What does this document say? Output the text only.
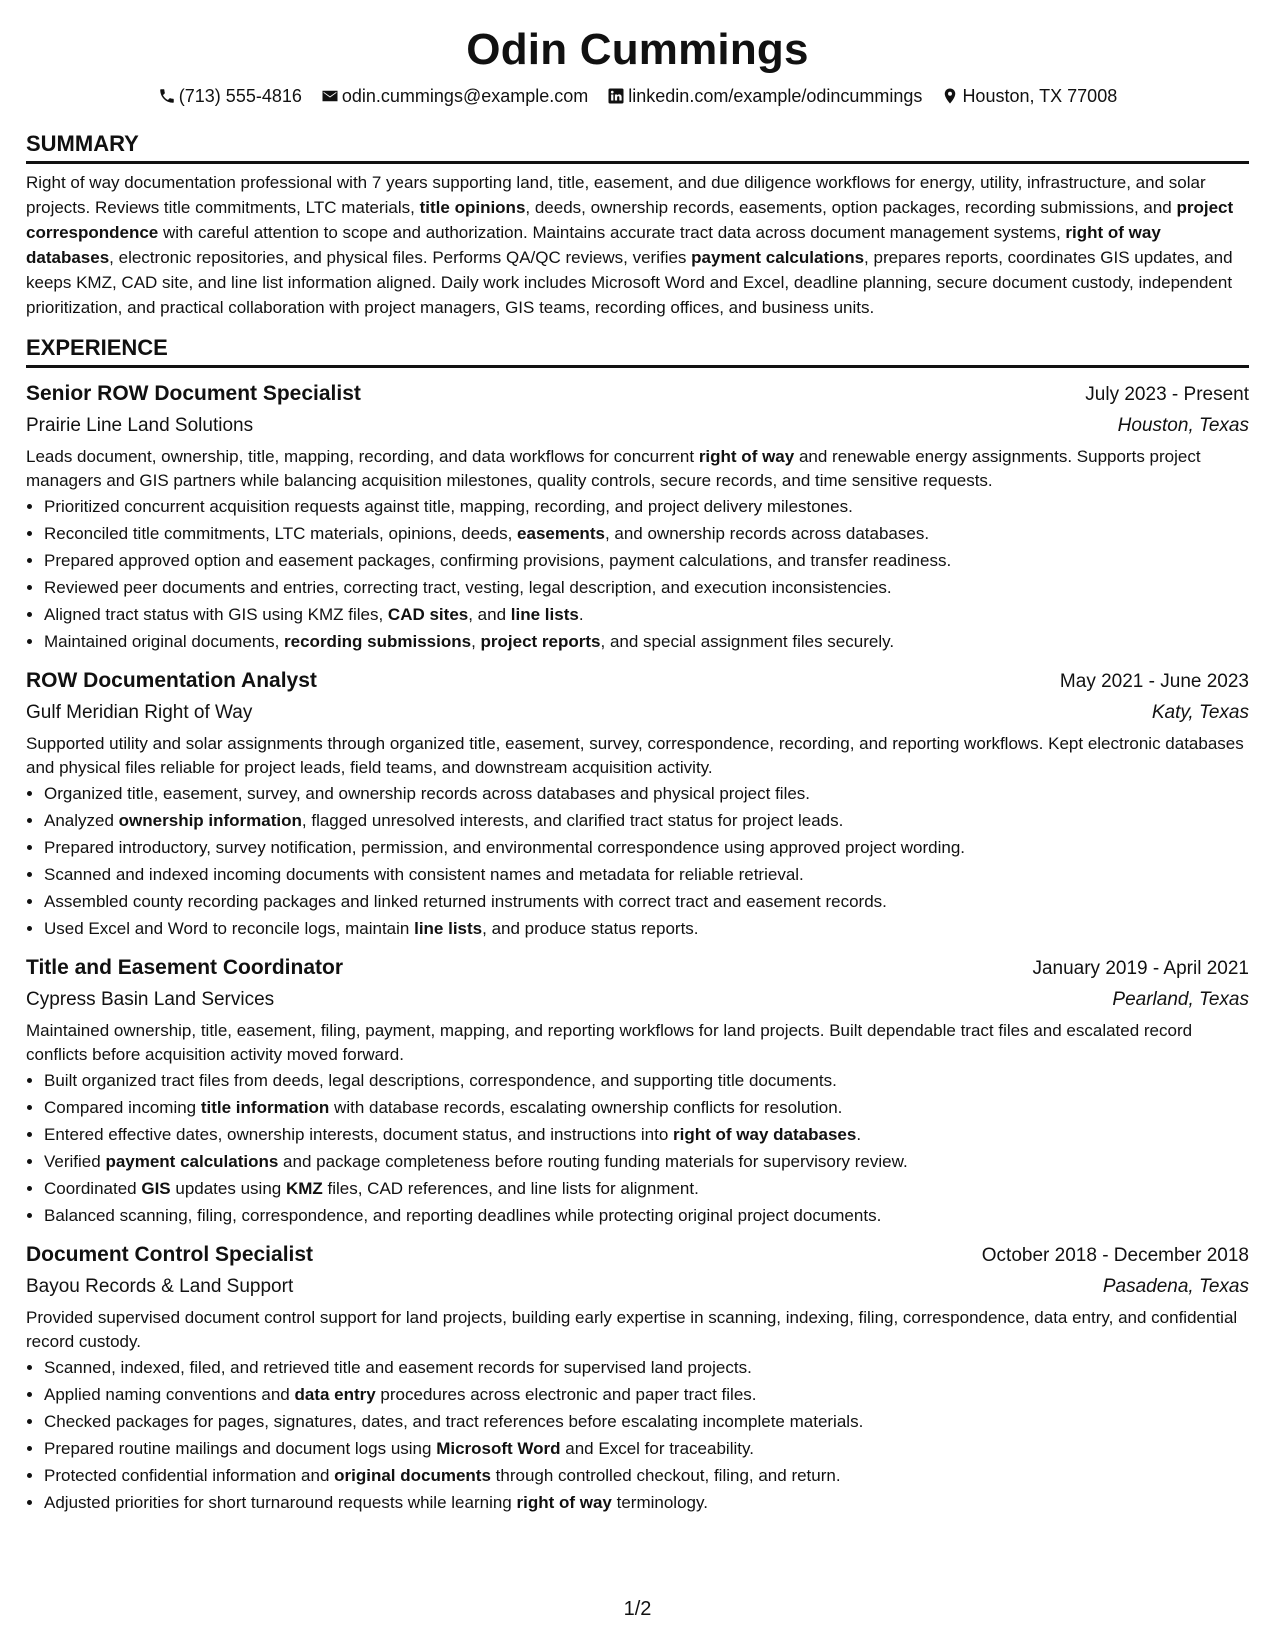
Odin Cummings
(713) 555-4816 odin.cummings@example.com linkedin.com/example/odincummings Houston, TX 77008
SUMMARY
Right of way documentation professional with 7 years supporting land, title, easement, and due diligence workflows for energy, utility, infrastructure, and solar projects. Reviews title commitments, LTC materials, title opinions, deeds, ownership records, easements, option packages, recording submissions, and project correspondence with careful attention to scope and authorization. Maintains accurate tract data across document management systems, right of way databases, electronic repositories, and physical files. Performs QA/QC reviews, verifies payment calculations, prepares reports, coordinates GIS updates, and keeps KMZ, CAD site, and line list information aligned. Daily work includes Microsoft Word and Excel, deadline planning, secure document custody, independent prioritization, and practical collaboration with project managers, GIS teams, recording offices, and business units.
EXPERIENCE
Senior ROW Document Specialist	July 2023 - Present
Prairie Line Land Solutions	Houston, Texas
Leads document, ownership, title, mapping, recording, and data workflows for concurrent right of way and renewable energy assignments. Supports project managers and GIS partners while balancing acquisition milestones, quality controls, secure records, and time sensitive requests.
• Prioritized concurrent acquisition requests against title, mapping, recording, and project delivery milestones.
• Reconciled title commitments, LTC materials, opinions, deeds, easements, and ownership records across databases.
• Prepared approved option and easement packages, confirming provisions, payment calculations, and transfer readiness.
• Reviewed peer documents and entries, correcting tract, vesting, legal description, and execution inconsistencies.
• Aligned tract status with GIS using KMZ files, CAD sites, and line lists.
• Maintained original documents, recording submissions, project reports, and special assignment files securely.
ROW Documentation Analyst	May 2021 - June 2023
Gulf Meridian Right of Way	Katy, Texas
Supported utility and solar assignments through organized title, easement, survey, correspondence, recording, and reporting workflows. Kept electronic databases and physical files reliable for project leads, field teams, and downstream acquisition activity.
• Organized title, easement, survey, and ownership records across databases and physical project files.
• Analyzed ownership information, flagged unresolved interests, and clarified tract status for project leads.
• Prepared introductory, survey notification, permission, and environmental correspondence using approved project wording.
• Scanned and indexed incoming documents with consistent names and metadata for reliable retrieval.
• Assembled county recording packages and linked returned instruments with correct tract and easement records.
• Used Excel and Word to reconcile logs, maintain line lists, and produce status reports.
Title and Easement Coordinator	January 2019 - April 2021
Cypress Basin Land Services	Pearland, Texas
Maintained ownership, title, easement, filing, payment, mapping, and reporting workflows for land projects. Built dependable tract files and escalated record conflicts before acquisition activity moved forward.
• Built organized tract files from deeds, legal descriptions, correspondence, and supporting title documents.
• Compared incoming title information with database records, escalating ownership conflicts for resolution.
• Entered effective dates, ownership interests, document status, and instructions into right of way databases.
• Verified payment calculations and package completeness before routing funding materials for supervisory review.
• Coordinated GIS updates using KMZ files, CAD references, and line lists for alignment.
• Balanced scanning, filing, correspondence, and reporting deadlines while protecting original project documents.
Document Control Specialist	October 2018 - December 2018
Bayou Records & Land Support	Pasadena, Texas
Provided supervised document control support for land projects, building early expertise in scanning, indexing, filing, correspondence, data entry, and confidential record custody.
• Scanned, indexed, filed, and retrieved title and easement records for supervised land projects.
• Applied naming conventions and data entry procedures across electronic and paper tract files.
• Checked packages for pages, signatures, dates, and tract references before escalating incomplete materials.
• Prepared routine mailings and document logs using Microsoft Word and Excel for traceability.
• Protected confidential information and original documents through controlled checkout, filing, and return.
• Adjusted priorities for short turnaround requests while learning right of way terminology.
1/2
